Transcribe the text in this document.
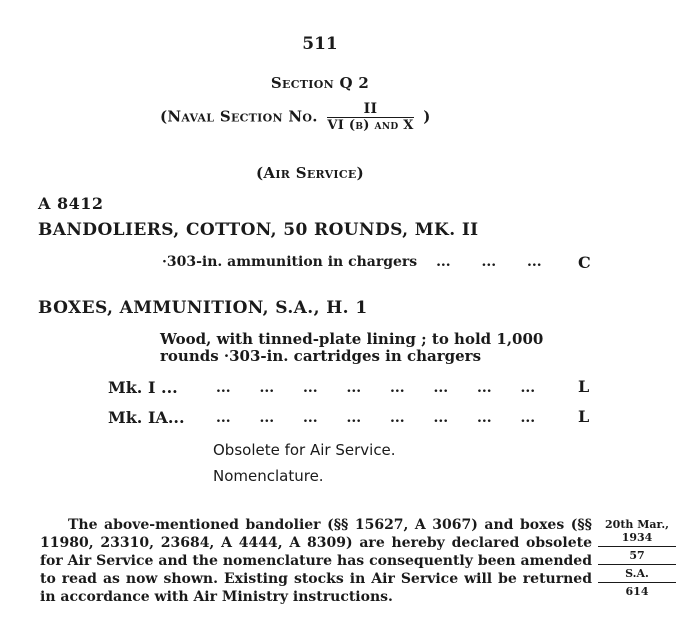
511
Section Q 2
(Naval Section No. $\frac{II}{\text{VI (b) and X}}$ )
(Air Service)
A 8412
BANDOLIERS, COTTON, 50 ROUNDS, MK. II
·303-in. ammunition in chargers ... ... ... C
BOXES, AMMUNITION, S.A., H. 1
Wood, with tinned-plate lining ; to hold 1,000 rounds ·303-in. cartridges in chargers
Mk. I ...	... ... ... ... ... ... ... ...	L
Mk. IA... ... ... ... ... ... ... ... ...	L
Obsolete for Air Service.
Nomenclature.
The above-mentioned bandolier (§§ 15627, A 3067) and boxes (§§ 11980, 23310, 23684, A 4444, A 8309) are hereby declared obsolete for Air Service and the nomenclature has consequently been amended to read as now shown. Existing stocks in Air Service will be returned in accordance with Air Ministry instructions.
20th Mar.,
1934
57
S.A.
614
